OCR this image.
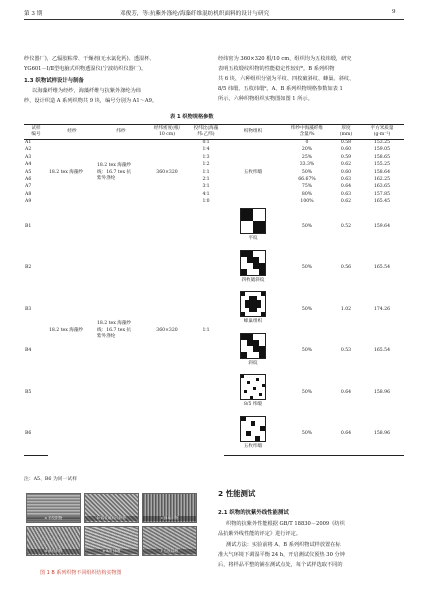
第 3 期	邓俊芳，等:抗紫外涤纶/海藻纤维混纺机织面料的设计与研究	9
纱仪器厂)，乙辐胶粘带、干燥剂(无水氯化钙)、透湿杯、
YG601－Ⅰ/Ⅱ型电脑式织物透湿仪(宁波纺织仪器厂)。
1.3 织物试样设计与制备
以海藻纤维为经纱，海藻纤维与抗紫外涤纶为纬
纱，设计织造 A 系列织物共 9 块，编号分别为 A1～A9。
经纬密为 360×320 根/10 cm，组织均为五枚纬缎，研究
表明五枚缎纹织物的性能稳定性较好⁸。B 系列织物
共 6 块，六种组织分别为平纹、四枚破斜纹、蜂巢、斜纹、
8/5 纬缎、五枚纬缎⁹。A、B 系列织物规格参数如表 1
所示，六种织物组织实物图如图 1 所示。
表 1 织物规格参数
试样
编号	经纱	纬纱	经纬密度(根/
10 cm)	投纬比(海藻
纬:乙纬)	织物组织	纬纱中海藻纤维
含量/%	厚度
(mm)	平方米质量
(g·m⁻²)
A1	18.2 tex 海藻纱	18.2 tex 海藻纱
线：16.7 tex 抗
紫外涤纶	360×320	0∶1	五枚纬缎	0	0.58	153.25
A2				1∶4		20%	0.60	159.05
A3				1∶3		25%	0.59	158.65
A4				1∶2		33.3%	0.62	155.25
A5				1∶1		50%	0.60	158.64
A6				2∶1		66.67%	0.63	162.25
A7				3∶1		75%	0.64	163.65
A8				4∶1		80%	0.63	157.85
A9				1∶0		100%	0.62	165.45
B1	18.2 tex 海藻纱	18.2 tex 海藻纱
线：16.7 tex 抗
紫外涤纶	360×320	1∶1	平纹	50%	0.52	159.64
B2					四枚破斜纹	50%	0.56	165.54
B3					蜂巢组织	50%	1.02	174.26
B4					斜纹	50%	0.53	165.54
B5					8/5 纬缎	50%	0.64	158.96
B6					五枚纬缎	50%	0.64	158.96
注：A5、B6 为同一试样
a 平纹织物	b 四枚破斜纹织物	c 蜂巢织物
d 斜纹织物	e 8/5 纬缎	f 五枚纬缎
图 1 B 系列织物不同组织结构实物图
2 性能测试
2.1 织物的抗紫外线性能测试
织物的抗紫外性能根据 GB/T 18830－2009《纺织
品抗紫外线性能的评定》进行评定。
测试方法：实验前将 A、B 系列织物试样放置在标
准大气环境下调湿平衡 24 h，开启测试仪预热 30 分钟
后，将样品平整的铺在测试点处，每个试样选取不同的
